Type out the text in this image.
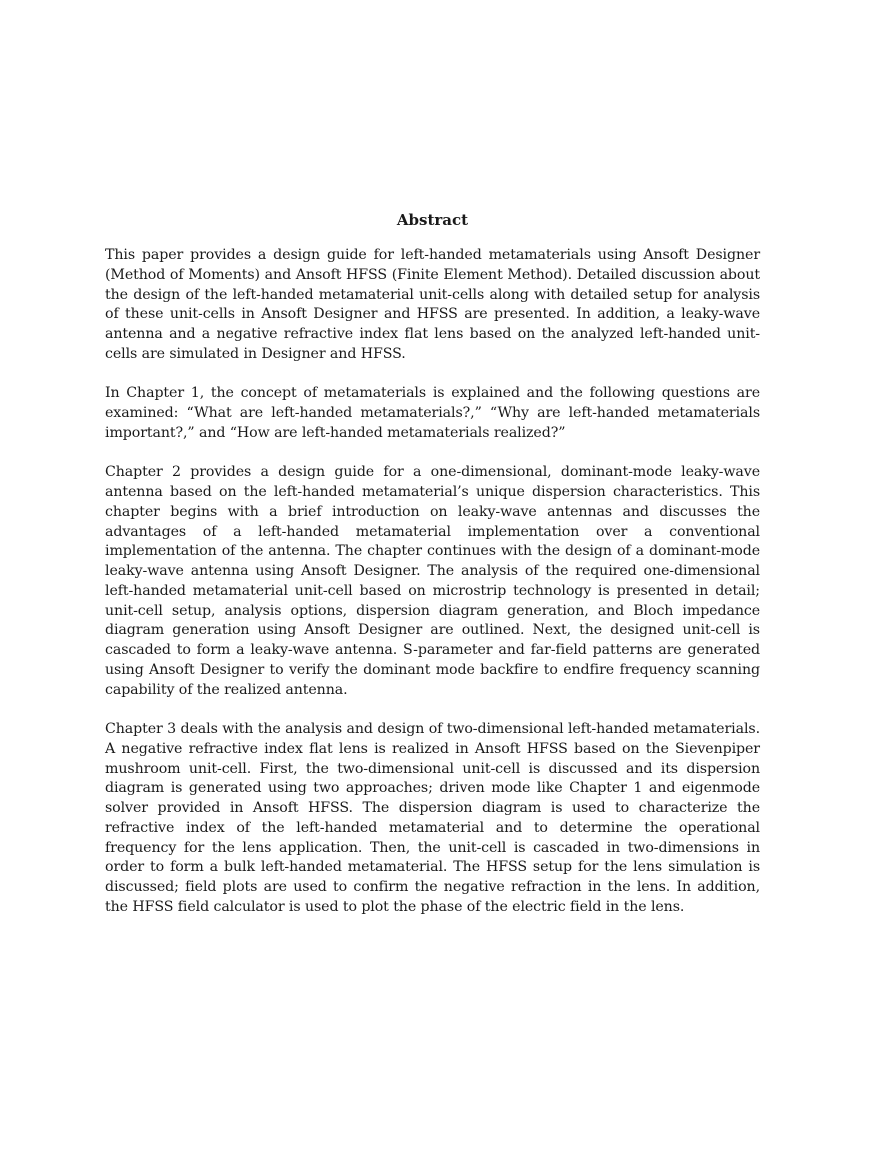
Abstract

This paper provides a design guide for left-handed metamaterials using Ansoft Designer (Method of Moments) and Ansoft HFSS (Finite Element Method). Detailed discussion about the design of the left-handed metamaterial unit-cells along with detailed setup for analysis of these unit-cells in Ansoft Designer and HFSS are presented. In addition, a leaky-wave antenna and a negative refractive index flat lens based on the analyzed left-handed unit-cells are simulated in Designer and HFSS.

In Chapter 1, the concept of metamaterials is explained and the following questions are examined: “What are left-handed metamaterials?,” “Why are left-handed metamaterials important?,” and “How are left-handed metamaterials realized?”

Chapter 2 provides a design guide for a one-dimensional, dominant-mode leaky-wave antenna based on the left-handed metamaterial’s unique dispersion characteristics. This chapter begins with a brief introduction on leaky-wave antennas and discusses the advantages of a left-handed metamaterial implementation over a conventional implementation of the antenna. The chapter continues with the design of a dominant-mode leaky-wave antenna using Ansoft Designer. The analysis of the required one-dimensional left-handed metamaterial unit-cell based on microstrip technology is presented in detail; unit-cell setup, analysis options, dispersion diagram generation, and Bloch impedance diagram generation using Ansoft Designer are outlined. Next, the designed unit-cell is cascaded to form a leaky-wave antenna. S-parameter and far-field patterns are generated using Ansoft Designer to verify the dominant mode backfire to endfire frequency scanning capability of the realized antenna.

Chapter 3 deals with the analysis and design of two-dimensional left-handed metamaterials. A negative refractive index flat lens is realized in Ansoft HFSS based on the Sievenpiper mushroom unit-cell. First, the two-dimensional unit-cell is discussed and its dispersion diagram is generated using two approaches; driven mode like Chapter 1 and eigenmode solver provided in Ansoft HFSS. The dispersion diagram is used to characterize the refractive index of the left-handed metamaterial and to determine the operational frequency for the lens application. Then, the unit-cell is cascaded in two-dimensions in order to form a bulk left-handed metamaterial. The HFSS setup for the lens simulation is discussed; field plots are used to confirm the negative refraction in the lens. In addition, the HFSS field calculator is used to plot the phase of the electric field in the lens.
